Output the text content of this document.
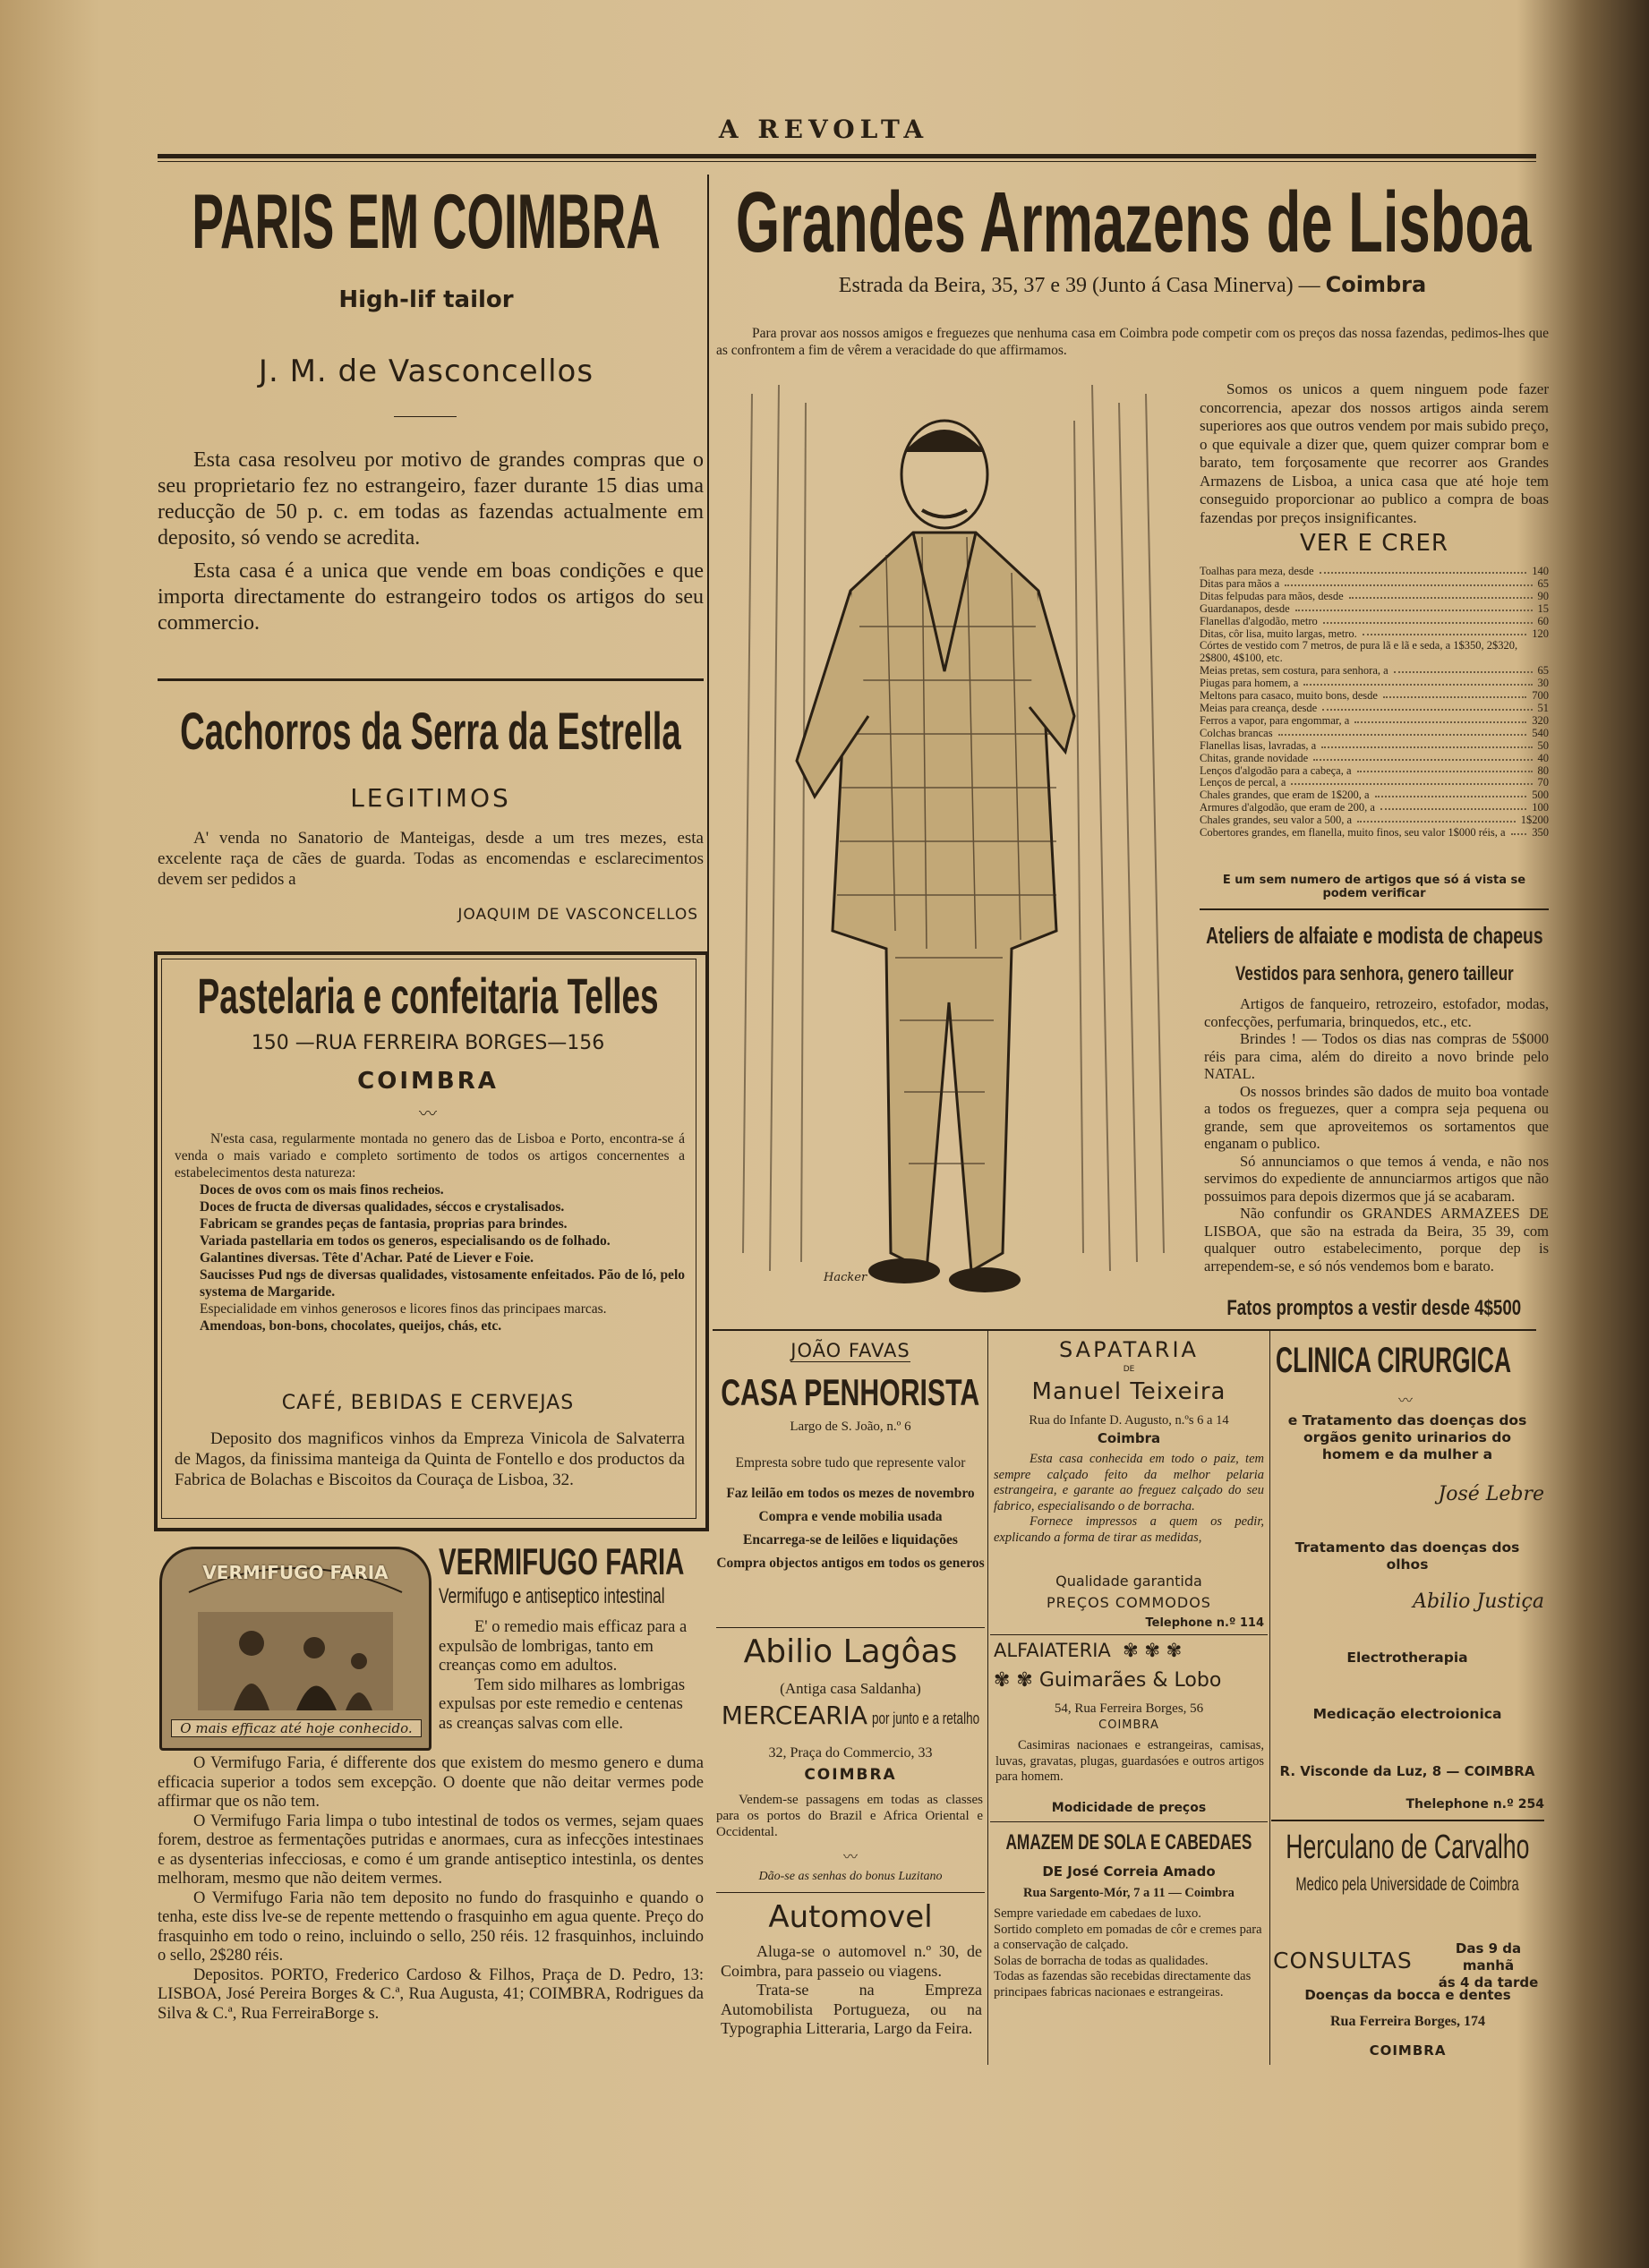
A REVOLTA
PARIS EM COIMBRA
High-lif tailor
J. M. de Vasconcellos

Esta casa resolveu por motivo de grandes compras que o seu proprietario fez no estrangeiro, fazer durante 15 dias uma reducção de 50 p. c. em todas as fazendas actualmente em deposito, só vendo se acredita.

Esta casa é a unica que vende em boas condições e que importa directamente do estrangeiro todos os artigos do seu commercio.

Cachorros da Serra da Estrella
LEGITIMOS
A' venda no Sanatorio de Manteigas, desde a um tres mezes, esta excelente raça de cães de guarda. Todas as encomendas e esclarecimentos devem ser pedidos a
JOAQUIM DE VASCONCELLOS
Pastelaria e confeitaria Telles
150 —RUA FERREIRA BORGES—156
COIMBRA
〰

N'esta casa, regularmente montada no genero das de Lisboa e Porto, encontra-se á venda o mais variado e completo sortimento de todos os artigos concernentes a estabelecimentos desta natureza:

Doces de ovos com os mais finos recheios.

Doces de fructa de diversas qualidades, séccos e crystalisados.

Fabricam se grandes peças de fantasia, proprias para brindes.

Variada pastellaria em todos os generos, especialisando os de folhado.

Galantines diversas. Tête d'Achar. Paté de Liever e Foie.

Saucisses Pud ngs de diversas qualidades, vistosamente enfeitados. Pão de ló, pelo systema de Margaride.

Especialidade em vinhos generosos e licores finos das principaes marcas.

Amendoas, bon-bons, chocolates, queijos, chás, etc.

CAFÉ, BEBIDAS E CERVEJAS
Deposito dos magnificos vinhos da Empreza Vinicola de Salvaterra de Magos, da finissima manteiga da Quinta de Fontello e dos productos da Fabrica de Bolachas e Biscoitos da Couraça de Lisboa, 32.
VERMIFUGO FARIA
O mais efficaz até hoje conhecido.
VERMIFUGO FARIA
Vermifugo e antiseptico intestinal

E' o remedio mais efficaz para a expulsão de lombrigas, tanto em creanças como em adultos.

Tem sido milhares as lombrigas expulsas por este remedio e centenas as creanças salvas com elle.

O Vermifugo Faria, é differente dos que existem do mesmo genero e duma efficacia superior a todos sem excepção. O doente que não deitar vermes pode affirmar que os não tem.

O Vermifugo Faria limpa o tubo intestinal de todos os vermes, sejam quaes forem, destroe as fermentações putridas e anormaes, cura as infecções intestinaes e as dysenterias infecciosas, e como é um grande antiseptico intestinla, os dentes melhoram, mesmo que não deitem vermes.

O Vermifugo Faria não tem deposito no fundo do frasquinho e quando o tenha, este diss lve-se de repente mettendo o frasquinho em agua quente. Preço do frasquinho em todo o reino, incluindo o sello, 250 réis. 12 frasquinhos, incluindo o sello, 2$280 réis.

Depositos. PORTO, Frederico Cardoso & Filhos, Praça de D. Pedro, 13: LISBOA, José Pereira Borges & C.ª, Rua Augusta, 41; COIMBRA, Rodrigues da Silva & C.ª, Rua FerreiraBorge s.

Grandes Armazens de Lisboa
Estrada da Beira, 35, 37 e 39 (Junto á Casa Minerva) — Coimbra
Para provar aos nossos amigos e freguezes que nenhuma casa em Coimbra pode competir com os preços das nossa fazendas, pedimos-lhes que as confrontem a fim de vêrem a veracidade do que affirmamos.
Hacker
Somos os unicos a quem ninguem pode fazer concorrencia, apezar dos nossos artigos ainda serem superiores aos que outros vendem por mais subido preço, o que equivale a dizer que, quem quizer comprar bom e barato, tem forçosamente que recorrer aos Grandes Armazens de Lisboa, a unica casa que até hoje tem conseguido proporcionar ao publico a compra de boas fazendas por preços insignificantes.
VER E CRER
Toalhas para meza, desde	140
Ditas para mãos a	65
Ditas felpudas para mãos, desde	90
Guardanapos, desde	15
Flanellas d'algodão, metro	60
Ditas, côr lisa, muito largas, metro.	120
Córtes de vestido com 7 metros, de pura lã e lã e seda, a 1$350, 2$320, 2$800, 4$100, etc.
Meias pretas, sem costura, para senhora, a	65
Piugas para homem, a	30
Meltons para casaco, muito bons, desde	700
Meias para creança, desde	51
Ferros a vapor, para engommar, a	320
Colchas brancas	540
Flanellas lisas, lavradas, a	50
Chitas, grande novidade	40
Lenços d'algodão para a cabeça, a	80
Lenços de percal, a	70
Chales grandes, que eram de 1$200, a	500
Armures d'algodão, que eram de 200, a	100
Chales grandes, seu valor a 500, a	1$200
Cobertores grandes, em flanella, muito finos, seu valor 1$000 réis, a 350
E um sem numero de artigos que só á vista se podem verificar
Ateliers de alfaiate e modista de chapeus
Vestidos para senhora, genero tailleur

Artigos de fanqueiro, retrozeiro, estofador, modas, confecções, perfumaria, brinquedos, etc., etc.

Brindes ! — Todos os dias nas compras de 5$000 réis para cima, além do direito a novo brinde pelo NATAL.

Os nossos brindes são dados de muito boa vontade a todos os freguezes, quer a compra seja pequena ou grande, sem que aproveitemos os sortamentos que enganam o publico.

Só annunciamos o que temos á venda, e não nos servimos do expediente de annunciarmos artigos que não possuimos para depois dizermos que já se acabaram.

Não confundir os GRANDES ARMAZEES DE LISBOA, que são na estrada da Beira, 35 39, com qualquer outro estabelecimento, porque dep is arrependem-se, e só nós vendemos bom e barato.

Fatos promptos a vestir desde 4$500
JOÃO FAVAS
CASA PENHORISTA
Largo de S. João, n.º 6

Empresta sobre tudo que represente valor

Faz leilão em todos os mezes de novembro

Compra e vende mobilia usada

Encarrega-se de leilões e liquidações

Compra objectos antigos em todos os generos

Abilio Lagôas
(Antiga casa Saldanha)
MERCEARIA por junto e a retalho
32, Praça do Commercio, 33
COIMBRA
Vendem-se passagens em todas as classes para os portos do Brazil e Africa Oriental e Occidental.
〰
Dão-se as senhas do bonus Luzitano
Automovel

Aluga-se o automovel n.º 30, de Coimbra, para passeio ou viagens.

Trata-se na Empreza Automobilista Portugueza, ou na Typographia Litteraria, Largo da Feira.

SAPATARIA
DE
Manuel Teixeira
Rua do Infante D. Augusto, n.ºs 6 a 14
Coimbra

Esta casa conhecida em todo o paiz, tem sempre calçado feito da melhor pelaria estrangeira, e garante ao freguez calçado do seu fabrico, especialisando o de borracha.

Fornece impressos a quem os pedir, explicando a forma de tirar as medidas,

Qualidade garantida
PREÇOS COMMODOS
Telephone n.º 114
ALFAIATERIA  ✾ ✾ ✾
✾ ✾ Guimarães & Lobo
54, Rua Ferreira Borges, 56
COIMBRA
Casimiras nacionaes e estrangeiras, camisas, luvas, gravatas, plugas, guardasóes e outros artigos para homem.
Modicidade de preços
AMAZEM DE SOLA E CABEDAES
DE José Correia Amado
Rua Sargento-Mór, 7 a 11 — Coimbra

Sempre variedade em cabedaes de luxo.

Sortido completo em pomadas de côr e cremes para a conservação de calçado.

Solas de borracha de todas as qualidades.

Todas as fazendas são recebidas directamente das principaes fabricas nacionaes e estrangeiras.

CLINICA CIRURGICA
〰
e Tratamento das doenças dos orgãos genito urinarios do homem e da mulher a
José Lebre
Tratamento das doenças dos olhos
Abilio Justiça
Electrotherapia
Medicação electroionica
R. Visconde da Luz, 8 — COIMBRA
Thelephone n.º 254
Herculano de Carvalho
Medico pela Universidade de Coimbra
CONSULTAS	Das 9 da manhã

ás 4 da tarde

Doenças da bocca e dentes
Rua Ferreira Borges, 174
COIMBRA
